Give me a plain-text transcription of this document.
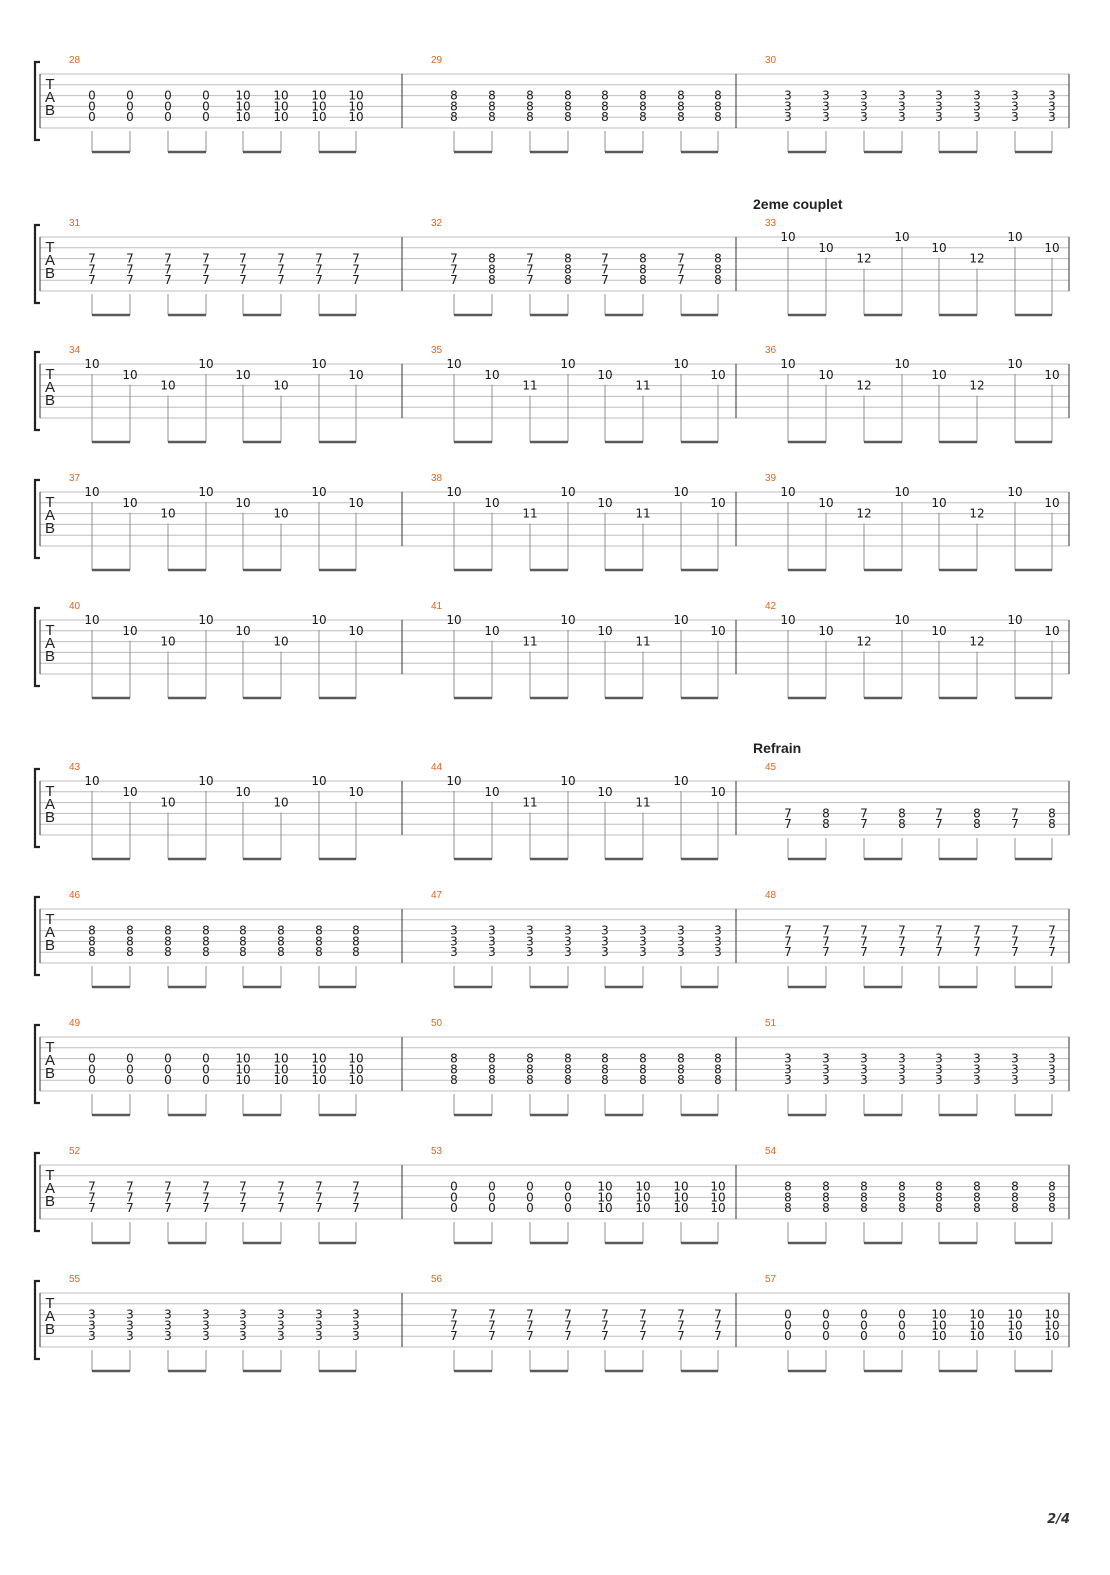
T
A
B
28
0
0
0
0
0
0
0
0
0
0
0
0
10
10
10
10
10
10
10
10
10
10
10
10
29
8
8
8
8
8
8
8
8
8
8
8
8
8
8
8
8
8
8
8
8
8
8
8
8
30
3
3
3
3
3
3
3
3
3
3
3
3
3
3
3
3
3
3
3
3
3
3
3
3
T
A
B
31
7
7
7
7
7
7
7
7
7
7
7
7
7
7
7
7
7
7
7
7
7
7
7
7
32
7
7
7
8
8
8
7
7
7
8
8
8
7
7
7
8
8
8
7
7
7
8
8
8
33
2eme couplet
10
10
12
10
10
12
10
10
T
A
B
34
10
10
10
10
10
10
10
10
35
10
10
11
10
10
11
10
10
36
10
10
12
10
10
12
10
10
T
A
B
37
10
10
10
10
10
10
10
10
38
10
10
11
10
10
11
10
10
39
10
10
12
10
10
12
10
10
T
A
B
40
10
10
10
10
10
10
10
10
41
10
10
11
10
10
11
10
10
42
10
10
12
10
10
12
10
10
T
A
B
43
10
10
10
10
10
10
10
10
44
10
10
11
10
10
11
10
10
45
Refrain
7
7
8
8
7
7
8
8
7
7
8
8
7
7
8
8
T
A
B
46
8
8
8
8
8
8
8
8
8
8
8
8
8
8
8
8
8
8
8
8
8
8
8
8
47
3
3
3
3
3
3
3
3
3
3
3
3
3
3
3
3
3
3
3
3
3
3
3
3
48
7
7
7
7
7
7
7
7
7
7
7
7
7
7
7
7
7
7
7
7
7
7
7
7
T
A
B
49
0
0
0
0
0
0
0
0
0
0
0
0
10
10
10
10
10
10
10
10
10
10
10
10
50
8
8
8
8
8
8
8
8
8
8
8
8
8
8
8
8
8
8
8
8
8
8
8
8
51
3
3
3
3
3
3
3
3
3
3
3
3
3
3
3
3
3
3
3
3
3
3
3
3
T
A
B
52
7
7
7
7
7
7
7
7
7
7
7
7
7
7
7
7
7
7
7
7
7
7
7
7
53
0
0
0
0
0
0
0
0
0
0
0
0
10
10
10
10
10
10
10
10
10
10
10
10
54
8
8
8
8
8
8
8
8
8
8
8
8
8
8
8
8
8
8
8
8
8
8
8
8
T
A
B
55
3
3
3
3
3
3
3
3
3
3
3
3
3
3
3
3
3
3
3
3
3
3
3
3
56
7
7
7
7
7
7
7
7
7
7
7
7
7
7
7
7
7
7
7
7
7
7
7
7
57
0
0
0
0
0
0
0
0
0
0
0
0
10
10
10
10
10
10
10
10
10
10
10
10
2/4
